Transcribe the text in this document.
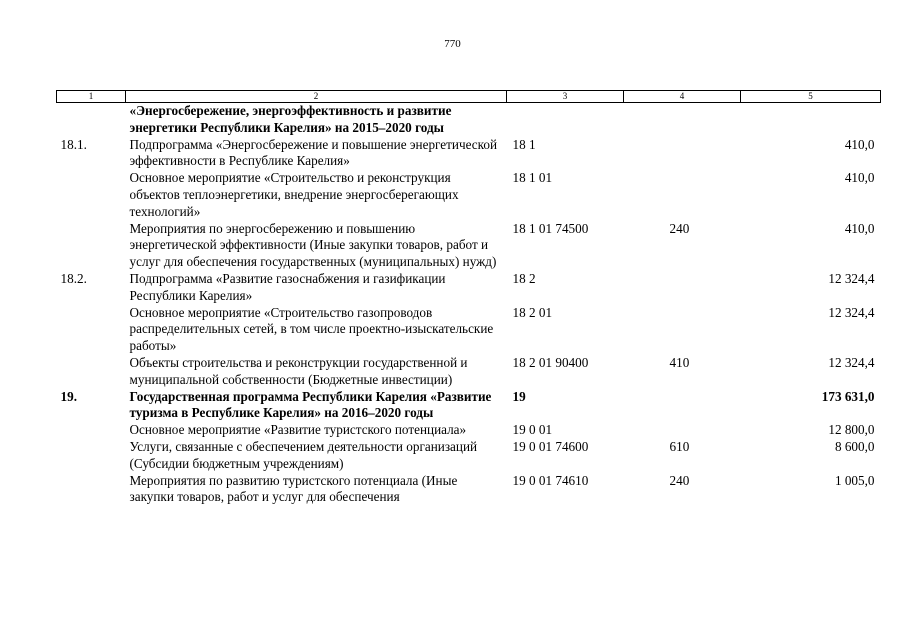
770
1	2	3	4	5
	«Энергосбережение, энергоэффективность и развитие энергетики Республики Карелия» на 2015–2020 годы			
18.1.	Подпрограмма «Энергосбережение и повышение энергетической эффективности в Республике Карелия»	18 1		410,0
	Основное мероприятие «Строительство и реконструкция объектов теплоэнергетики, внедрение энергосберегающих технологий»	18 1 01		410,0
	Мероприятия по энергосбережению и повышению энергетической эффективности (Иные закупки товаров, работ и услуг для обеспечения государственных (муниципальных) нужд)	18 1 01 74500	240	410,0
18.2.	Подпрограмма «Развитие газоснабжения и газификации Республики Карелия»	18 2		12 324,4
	Основное мероприятие «Строительство газопроводов распределительных сетей, в том числе проектно-изыскательские работы»	18 2 01		12 324,4
	Объекты строительства и реконструкции государственной и муниципальной собственности (Бюджетные инвестиции)	18 2 01 90400	410	12 324,4
19.	Государственная программа Республики Карелия «Развитие туризма в Республике Карелия» на 2016–2020 годы	19		173 631,0
	Основное мероприятие «Развитие туристского потенциала»	19 0 01		12 800,0
	Услуги, связанные с обеспечением деятельности организаций (Субсидии бюджетным учреждениям)	19 0 01 74600	610	8 600,0
	Мероприятия по развитию туристского потенциала (Иные закупки товаров, работ и услуг для обеспечения	19 0 01 74610	240	1 005,0
